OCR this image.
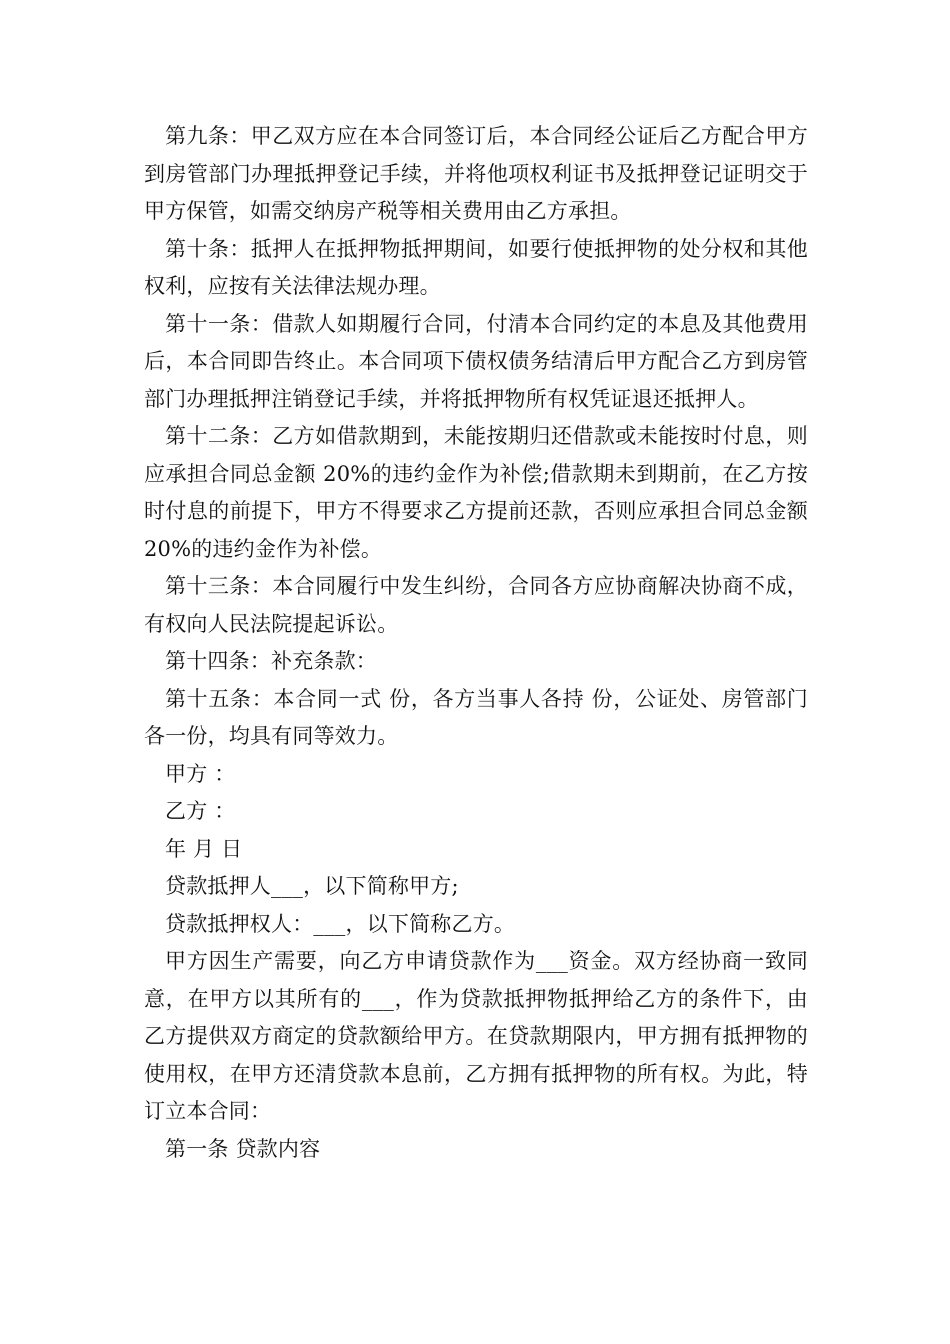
第九条：甲乙双方应在本合同签订后，本合同经公证后乙方配合甲方到房管部门办理抵押登记手续，并将他项权利证书及抵押登记证明交于甲方保管，如需交纳房产税等相关费用由乙方承担。

第十条：抵押人在抵押物抵押期间，如要行使抵押物的处分权和其他权利，应按有关法律法规办理。

第十一条：借款人如期履行合同，付清本合同约定的本息及其他费用后，本合同即告终止。本合同项下债权债务结清后甲方配合乙方到房管部门办理抵押注销登记手续，并将抵押物所有权凭证退还抵押人。

第十二条：乙方如借款期到，未能按期归还借款或未能按时付息，则应承担合同总金额 20%的违约金作为补偿;借款期未到期前，在乙方按时付息的前提下，甲方不得要求乙方提前还款，否则应承担合同总金额 20%的违约金作为补偿。

第十三条：本合同履行中发生纠纷，合同各方应协商解决协商不成，有权向人民法院提起诉讼。

第十四条：补充条款：

第十五条：本合同一式 份，各方当事人各持 份，公证处、房管部门各一份，均具有同等效力。

甲方 ：

乙方 ：

年 月 日

贷款抵押人___，以下简称甲方;

贷款抵押权人：___，以下简称乙方。

甲方因生产需要，向乙方申请贷款作为___资金。双方经协商一致同意，在甲方以其所有的___，作为贷款抵押物抵押给乙方的条件下，由乙方提供双方商定的贷款额给甲方。在贷款期限内，甲方拥有抵押物的使用权，在甲方还清贷款本息前，乙方拥有抵押物的所有权。为此，特订立本合同：

第一条 贷款内容
